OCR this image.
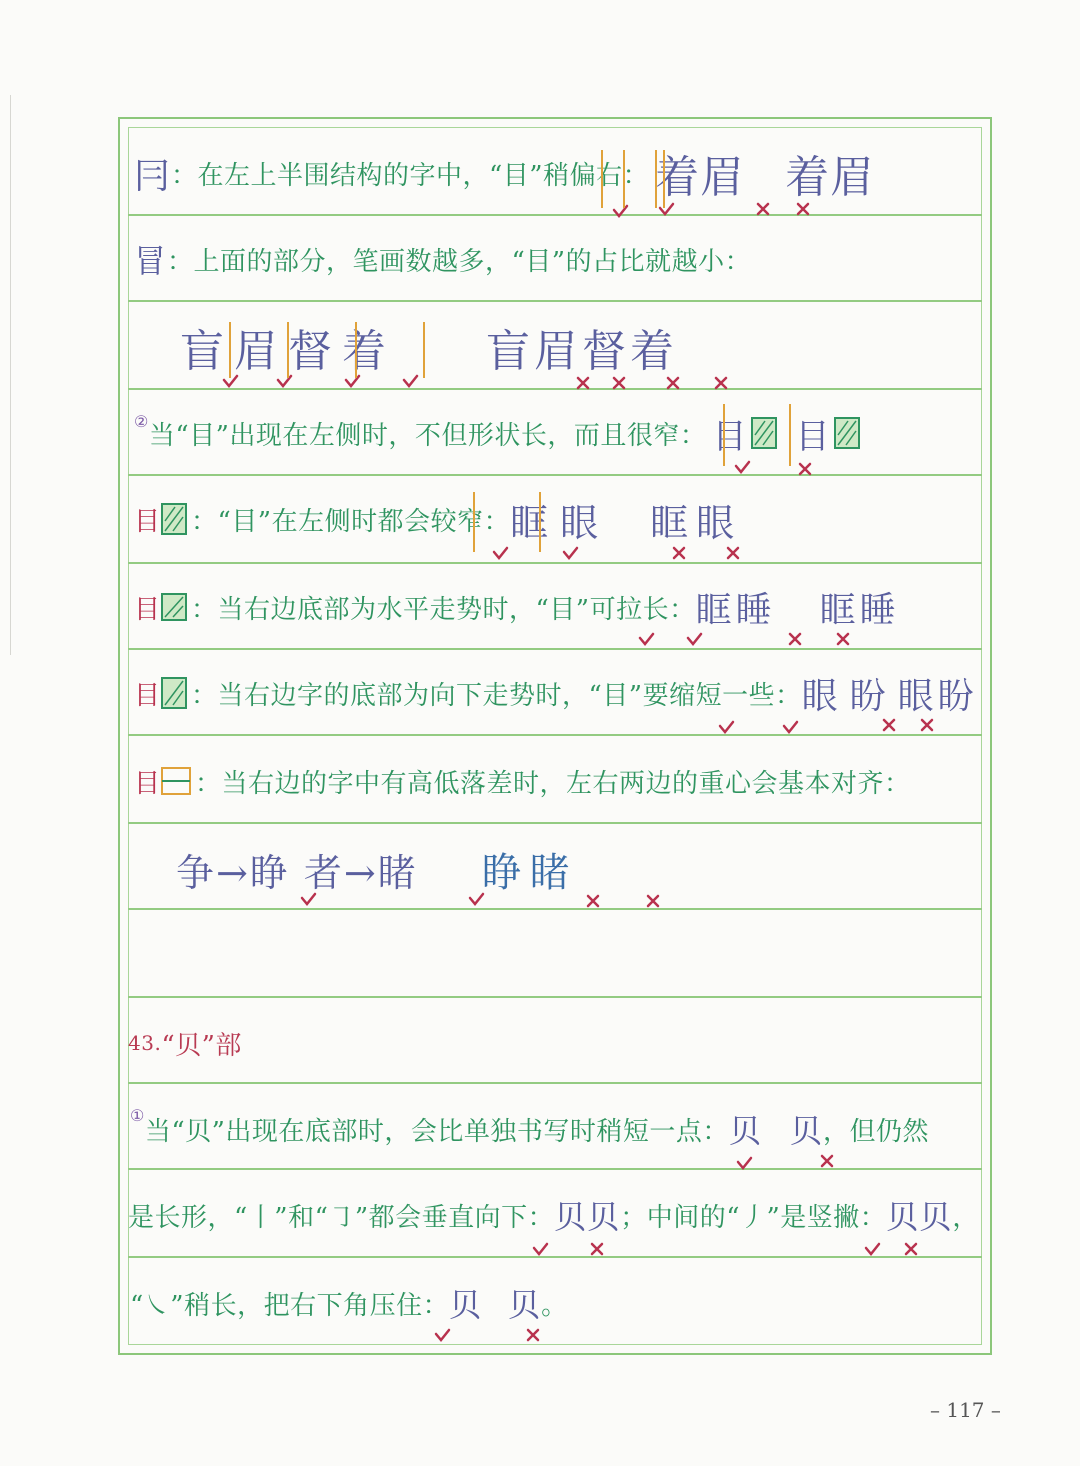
冃 ：在左上半围结构的字中，“目”稍偏右： 着眉 着眉
冒 ：上面的部分，笔画数越多，“目”的占比就越小：
盲眉督着 盲眉督着
② 当“目”出现在左侧时，不但形状长，而且很窄： 目 目
目 ：“目”在左侧时都会较窄： 眶眼 眶眼
目 ：当右边底部为水平走势时，“目”可拉长： 眶睡 眶睡
目 ：当右边字的底部为向下走势时，“目”要缩短一些： 眼盼 眼盼
目 ：当右边的字中有高低落差时，左右两边的重心会基本对齐：
争→睁 者→睹 睁睹
43. “贝”部
①
当“贝”出现在底部时，会比单独书写时稍短一点： 贝 贝 ，但仍然
是长形，“丨”和“㇆”都会垂直向下： 贝 贝 ；中间的“丿”是竖撇： 贝 贝 ，
“㇏”稍长，把右下角压住： 贝 贝 。
– 117 –
